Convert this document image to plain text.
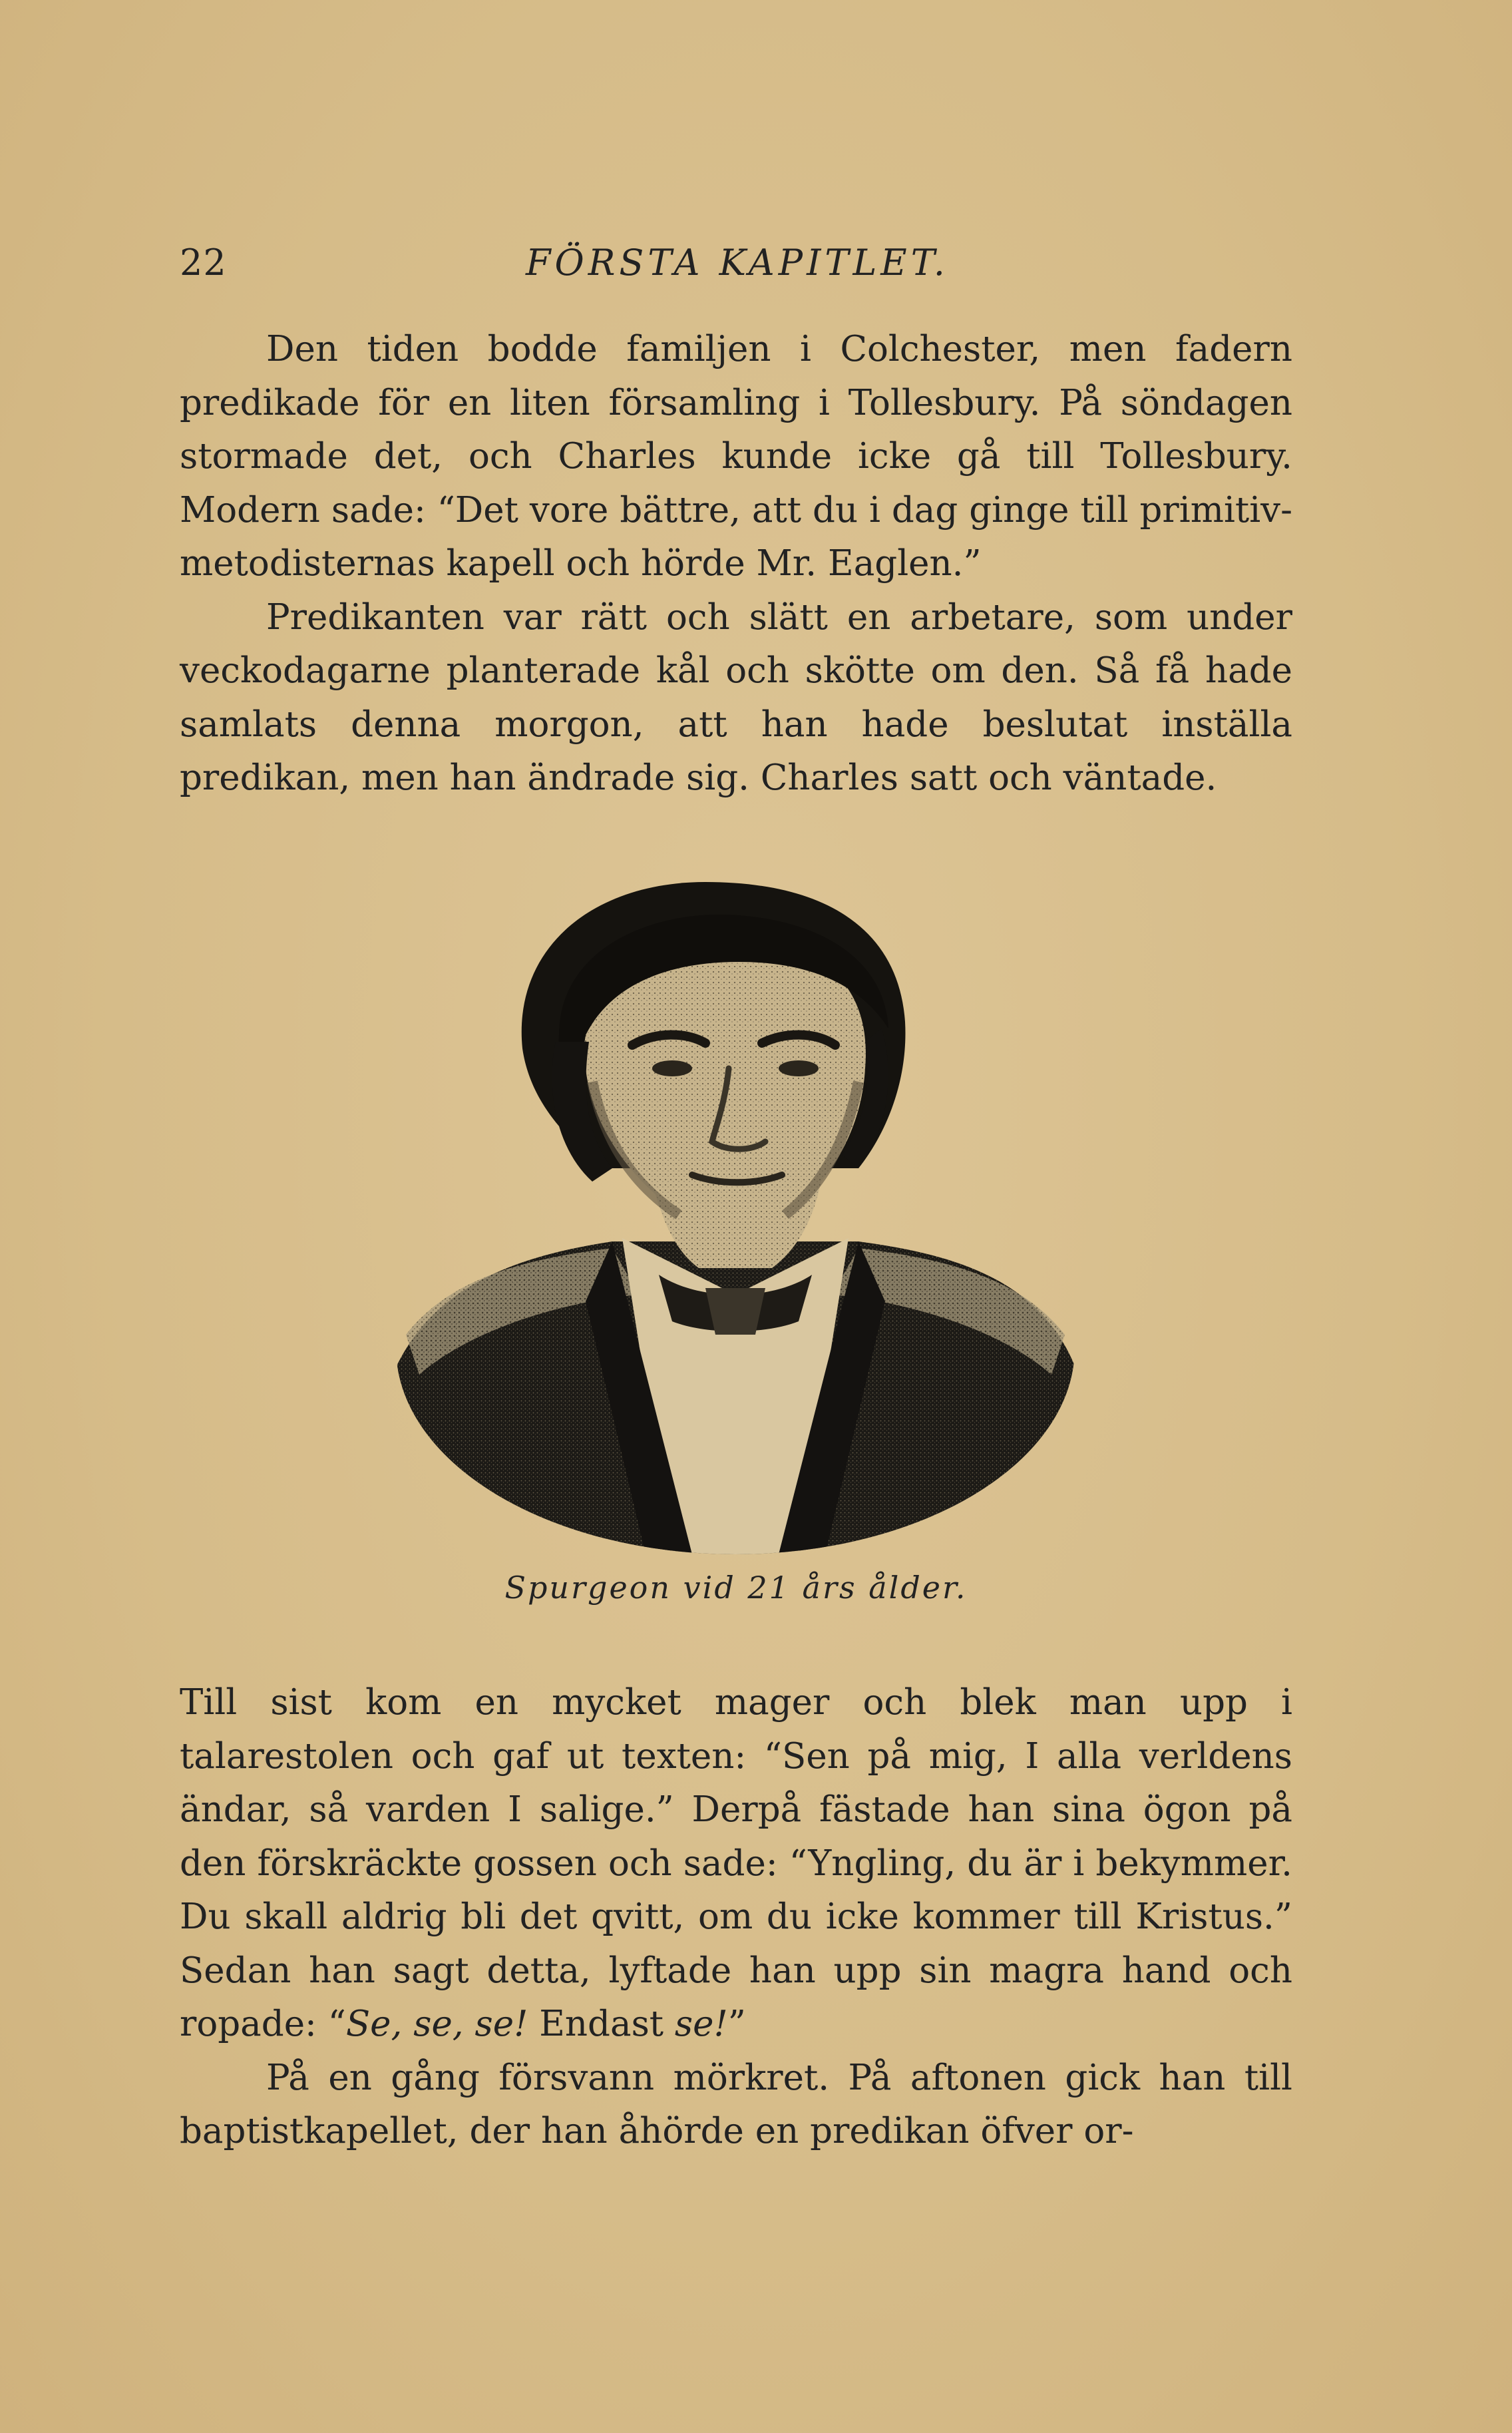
22	FÖRSTA KAPITLET.

Den tiden bodde familjen i Colchester, men fadern predikade för en liten församling i Tollesbury. På söndagen stormade det, och Charles kunde icke gå till Tollesbury. Modern sade: “Det vore bättre, att du i dag ginge till primitiv-metodisternas kapell och hörde Mr. Eaglen.”

Predikanten var rätt och slätt en arbetare, som under veckodagarne planterade kål och skötte om den. Så få hade samlats denna morgon, att han hade beslutat inställa predikan, men han ändrade sig. Charles satt och väntade.

Spurgeon vid 21 års ålder.

Till sist kom en mycket mager och blek man upp i talarestolen och gaf ut texten: “Sen på mig, I alla verldens ändar, så varden I salige.” Derpå fästade han sina ögon på den förskräckte gossen och sade: “Yngling, du är i bekymmer. Du skall aldrig bli det qvitt, om du icke kommer till Kristus.” Sedan han sagt detta, lyftade han upp sin magra hand och ropade: “Se, se, se! Endast se!”

På en gång försvann mörkret. På aftonen gick han till baptistkapellet, der han åhörde en predikan öfver or-
